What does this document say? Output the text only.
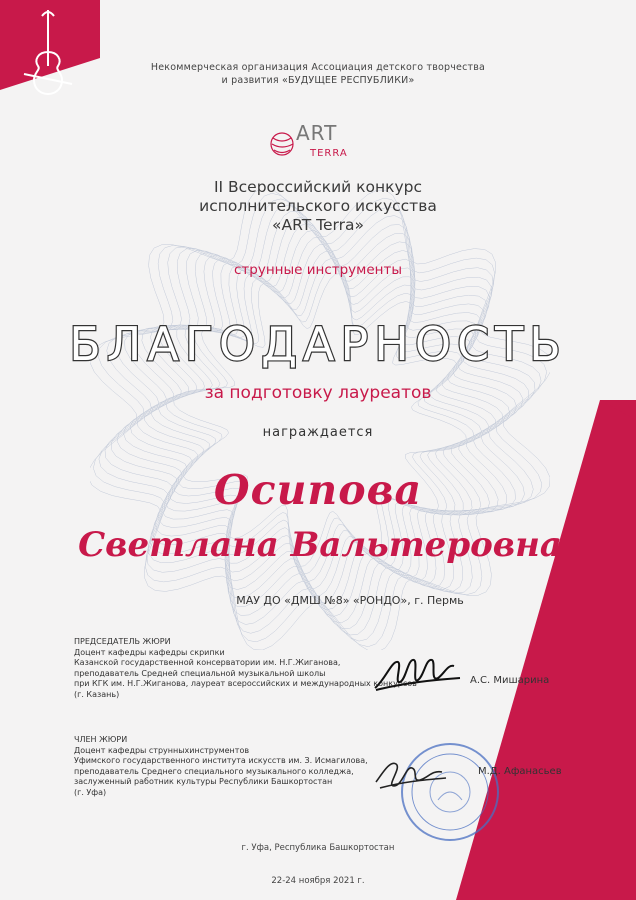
Некоммерческая организация Ассоциация детского творчества
и развития «БУДУЩЕЕ РЕСПУБЛИКИ»
ART
TERRA
II Всероссийский конкурс
исполнительского искусства
«ART Terra»
струнные инструменты
БЛАГОДАРНОСТЬ
за подготовку лауреатов
награждается
Осипова
Светлана Вальтеровна
МАУ ДО «ДМШ №8» «РОНДО», г. Пермь
ПРЕДСЕДАТЕЛЬ ЖЮРИ
Доцент кафедры кафедры скрипки
Казанской государственной консерватории им. Н.Г.Жиганова,
преподаватель Средней специальной музыкальной школы
при КГК им. Н.Г.Жиганова, лауреат всероссийских и международных конкурсов
(г. Казань)
А.С. Мишарина
ЧЛЕН ЖЮРИ
Доцент кафедры струнныхинструментов
Уфимского государственного института искусств им. З. Исмагилова,
преподаватель Среднего специального музыкального колледжа,
заслуженный работник культуры Республики Башкортостан
(г. Уфа)
М.Д. Афанасьев
г. Уфа, Республика Башкортостан
22-24 ноября 2021 г.
